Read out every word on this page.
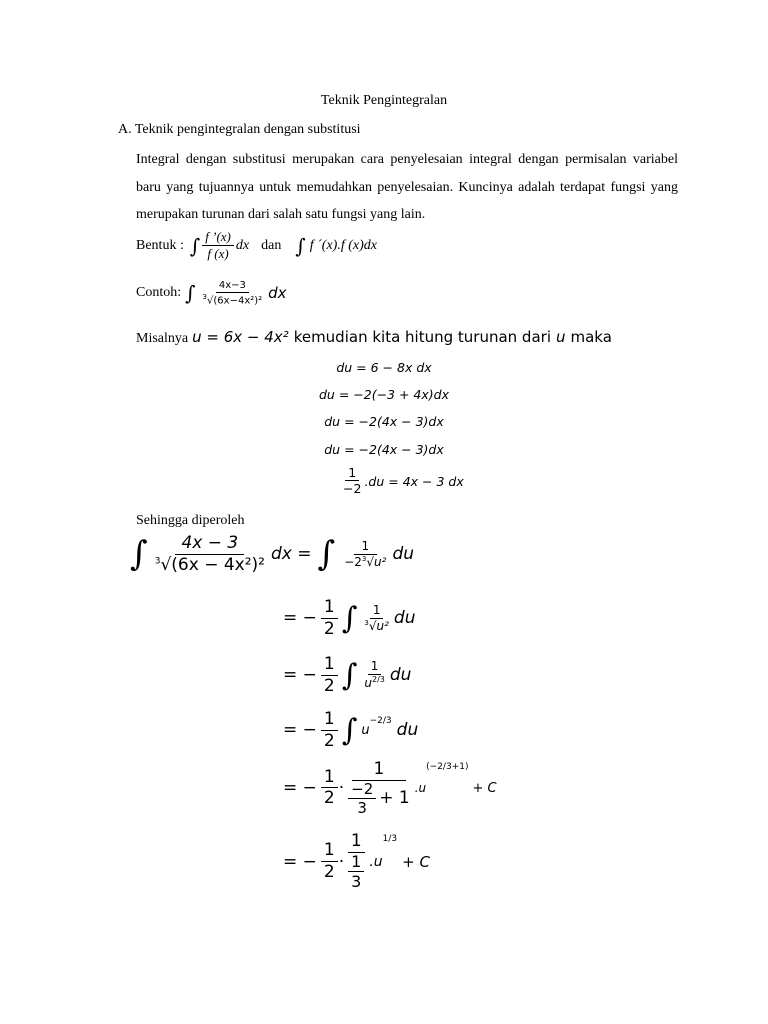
Teknik Pengintegralan
A. Teknik pengintegralan dengan substitusi
Integral dengan substitusi merupakan cara penyelesaian integral dengan permisalan variabel baru yang tujuannya untuk memudahkan penyelesaian. Kuncinya adalah terdapat fungsi yang merupakan turunan dari salah satu fungsi yang lain.
Bentuk : ∫ $\frac{f ’(x)}{f (x)}$ dx dan ∫ f ´(x).f (x)dx
Contoh: ∫ $\frac{4x-3}{^3√(6x-4x^2)^2}$ dx
Misalnya u = 6x − 4x² kemudian kita hitung turunan dari u maka
du = 6 − 8x dx
du = −2(−3 + 4x)dx
du = −2(4x − 3)dx
du = −2(4x − 3)dx
$\frac{1}{-2} .du = 4x - 3$ dx
Sehingga diperoleh
∫ $\frac{4x - 3}{^3√(6x - 4x^2)^2}$ dx = ∫ $\frac{1}{-2^3√u^2}$ du
= − $\frac{1}{2}$ ∫ $\frac{1}{^3√u^2}$ du
= − $\frac{1}{2}$ ∫ $\frac{1}{u^{2/3}}$ du
= − $\frac{1}{2}$ ∫ u
$^{-2/3}$ du
= − $\frac{1}{2} \cdot \frac{1}{\frac{-2}{3} + 1} .u$
(−2/3+1)
+ C
= − $\frac{1}{2} \cdot \frac{1}{\frac{1}{3}} .u$
1/3
+ C
